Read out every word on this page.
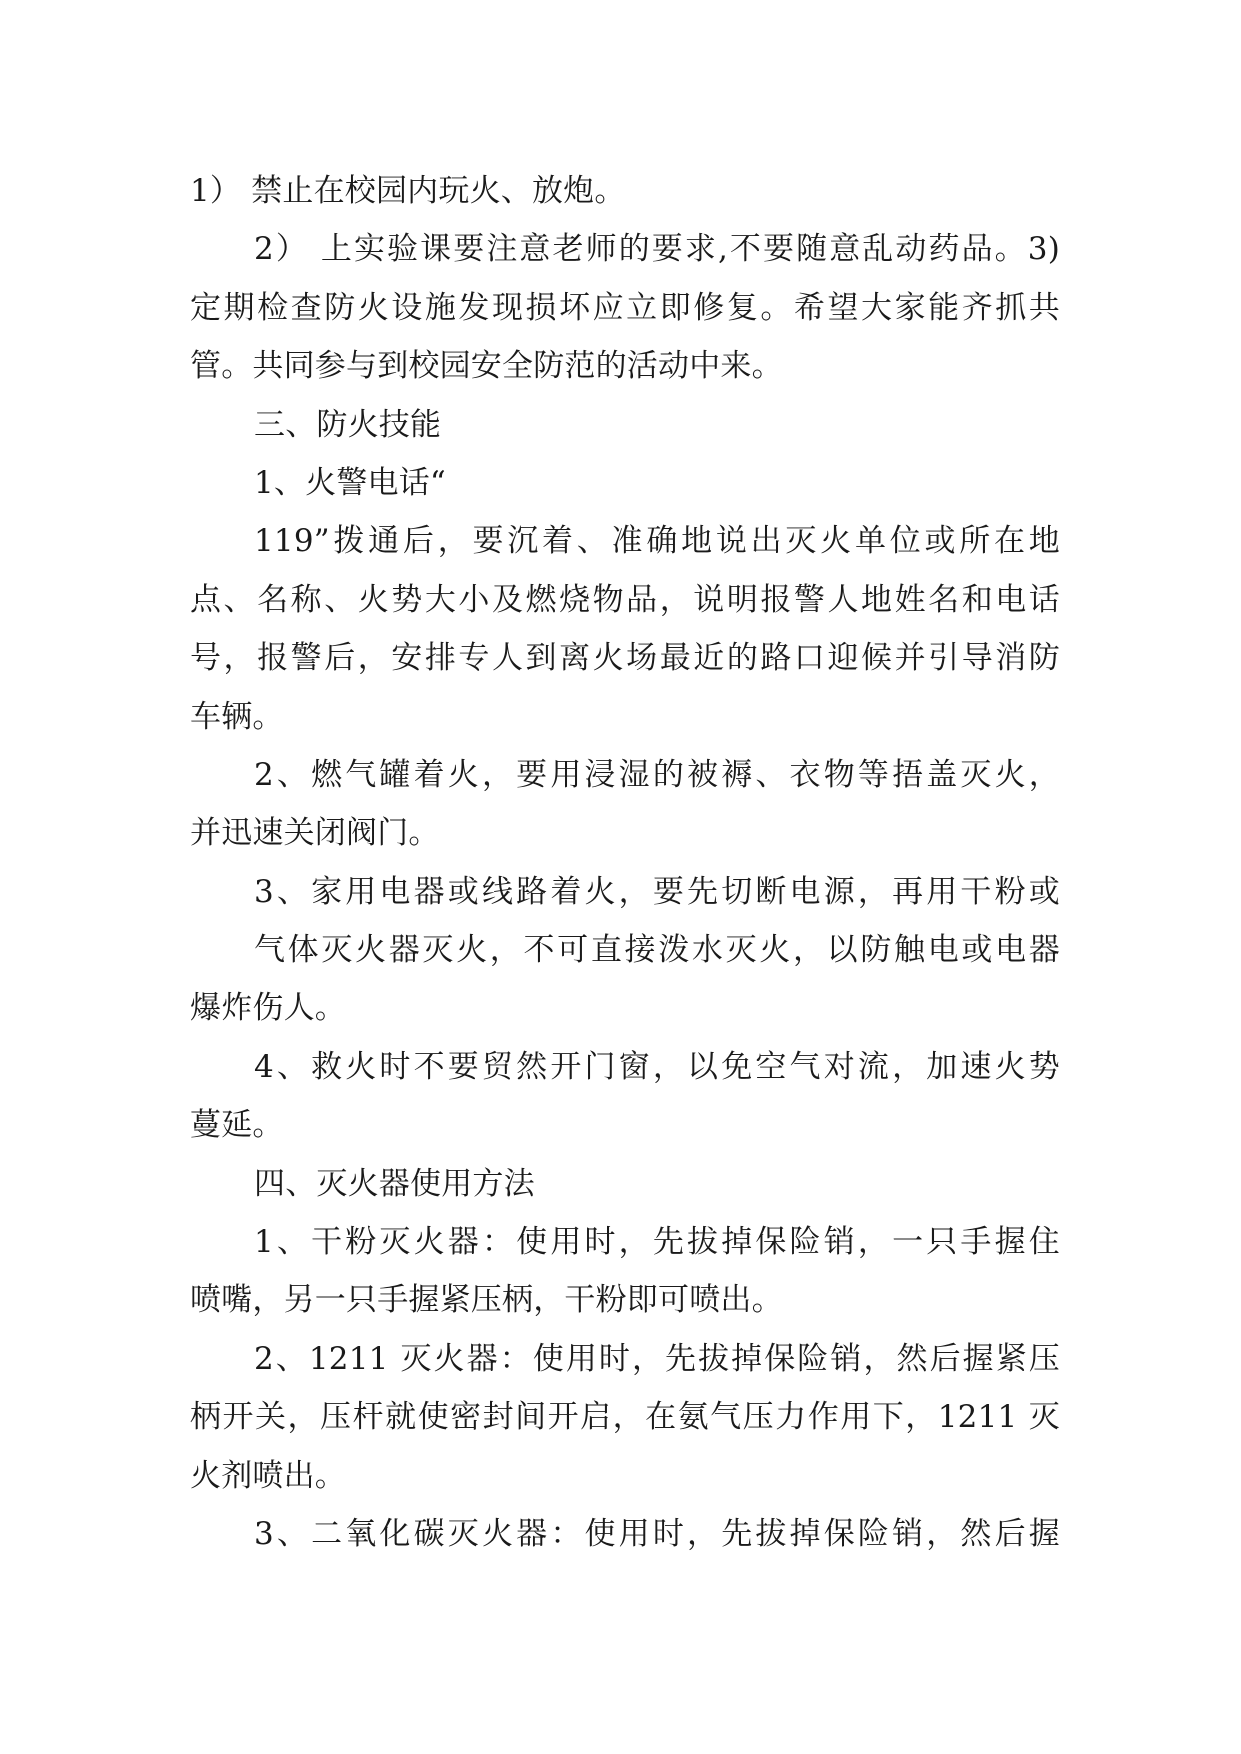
1） 禁止在校园内玩火、放炮。
2） 上实验课要注意老师的要求,不要随意乱动药品。3)
定期检查防火设施发现损坏应立即修复。希望大家能齐抓共
管。共同参与到校园安全防范的活动中来。
三、防火技能
1、火警电话“
119”拨通后，要沉着、准确地说出灭火单位或所在地
点、名称、火势大小及燃烧物品，说明报警人地姓名和电话
号，报警后，安排专人到离火场最近的路口迎候并引导消防
车辆。
2、燃气罐着火，要用浸湿的被褥、衣物等捂盖灭火，
并迅速关闭阀门。
3、家用电器或线路着火，要先切断电源，再用干粉或
气体灭火器灭火，不可直接泼水灭火，以防触电或电器
爆炸伤人。
4、救火时不要贸然开门窗，以免空气对流，加速火势
蔓延。
四、灭火器使用方法
1、干粉灭火器：使用时，先拔掉保险销，一只手握住
喷嘴，另一只手握紧压柄，干粉即可喷出。
2、1211 灭火器：使用时，先拔掉保险销，然后握紧压
柄开关，压杆就使密封间开启，在氨气压力作用下，1211 灭
火剂喷出。
3、二氧化碳灭火器：使用时，先拔掉保险销，然后握
